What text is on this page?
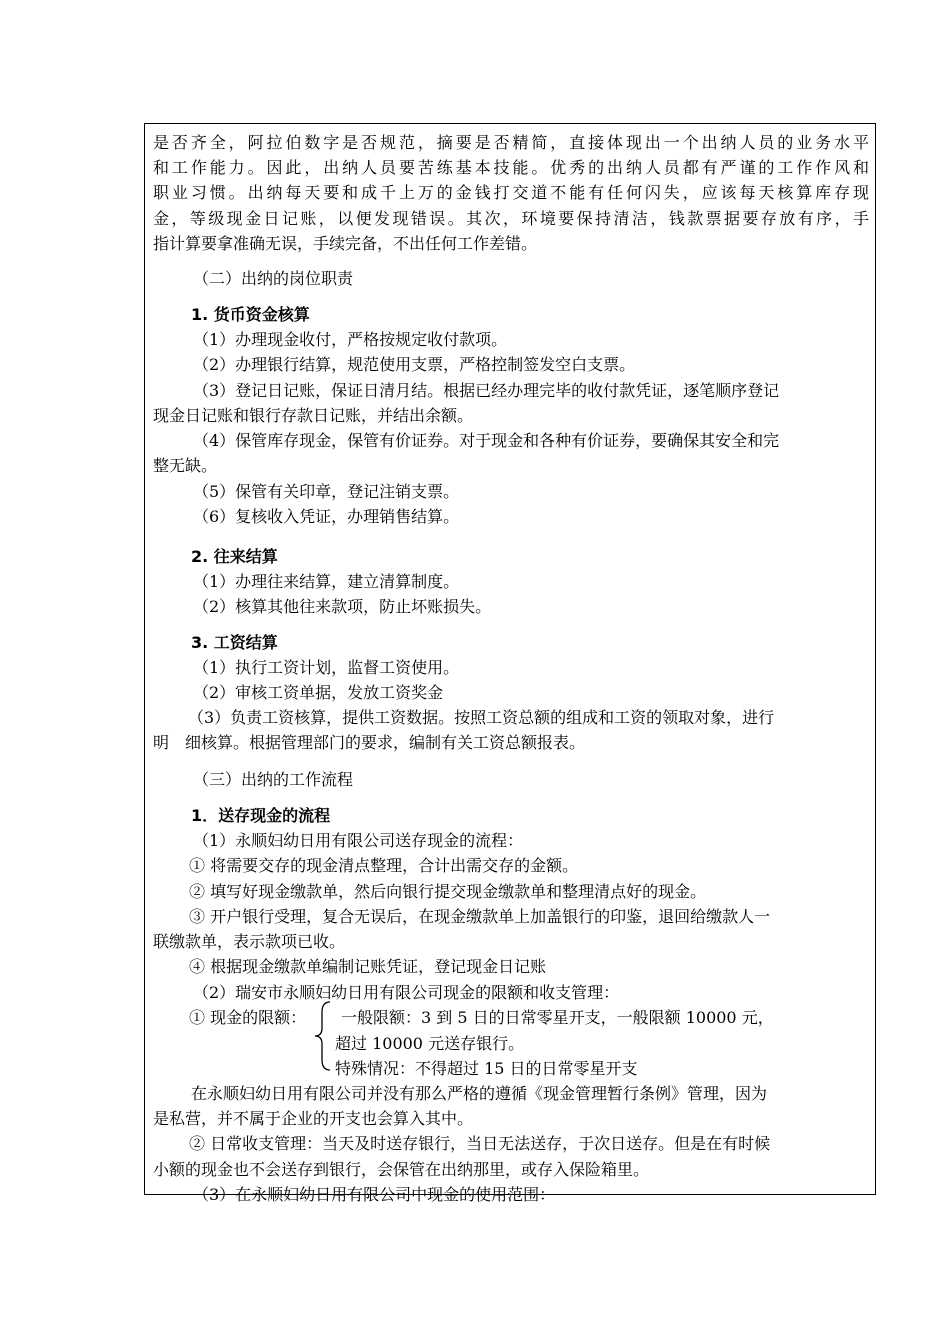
是否齐全，阿拉伯数字是否规范，摘要是否精简，直接体现出一个出纳人员的业务水平
和工作能力。因此，出纳人员要苦练基本技能。优秀的出纳人员都有严谨的工作作风和
职业习惯。出纳每天要和成千上万的金钱打交道不能有任何闪失，应该每天核算库存现
金，等级现金日记账，以便发现错误。其次，环境要保持清洁，钱款票据要存放有序，手
指计算要拿准确无误，手续完备，不出任何工作差错。
（二）出纳的岗位职责
1. 货币资金核算
（1）办理现金收付，严格按规定收付款项。
（2）办理银行结算，规范使用支票，严格控制签发空白支票。
（3）登记日记账，保证日清月结。根据已经办理完毕的收付款凭证，逐笔顺序登记
现金日记账和银行存款日记账，并结出余额。
（4）保管库存现金，保管有价证券。对于现金和各种有价证券，要确保其安全和完
整无缺。
（5）保管有关印章，登记注销支票。
（6）复核收入凭证，办理销售结算。
2. 往来结算
（1）办理往来结算，建立清算制度。
（2）核算其他往来款项，防止坏账损失。
3. 工资结算
（1）执行工资计划，监督工资使用。
（2）审核工资单据，发放工资奖金
（3）负责工资核算，提供工资数据。按照工资总额的组成和工资的领取对象，进行
明　细核算。根据管理部门的要求，编制有关工资总额报表。
（三）出纳的工作流程
1．送存现金的流程
（1）永顺妇幼日用有限公司送存现金的流程：
① 将需要交存的现金清点整理，合计出需交存的金额。
② 填写好现金缴款单，然后向银行提交现金缴款单和整理清点好的现金。
③ 开户银行受理，复合无误后，在现金缴款单上加盖银行的印鉴，退回给缴款人一
联缴款单，表示款项已收。
④ 根据现金缴款单编制记账凭证，登记现金日记账
（2）瑞安市永顺妇幼日用有限公司现金的限额和收支管理：
① 现金的限额： 一般限额：3 到 5 日的日常零星开支，一般限额 10000 元，
超过 10000 元送存银行。
特殊情况：不得超过 15 日的日常零星开支
在永顺妇幼日用有限公司并没有那么严格的遵循《现金管理暂行条例》管理，因为
是私营，并不属于企业的开支也会算入其中。
② 日常收支管理：当天及时送存银行，当日无法送存，于次日送存。但是在有时候
小额的现金也不会送存到银行，会保管在出纳那里，或存入保险箱里。
（3）在永顺妇幼日用有限公司中现金的使用范围：
